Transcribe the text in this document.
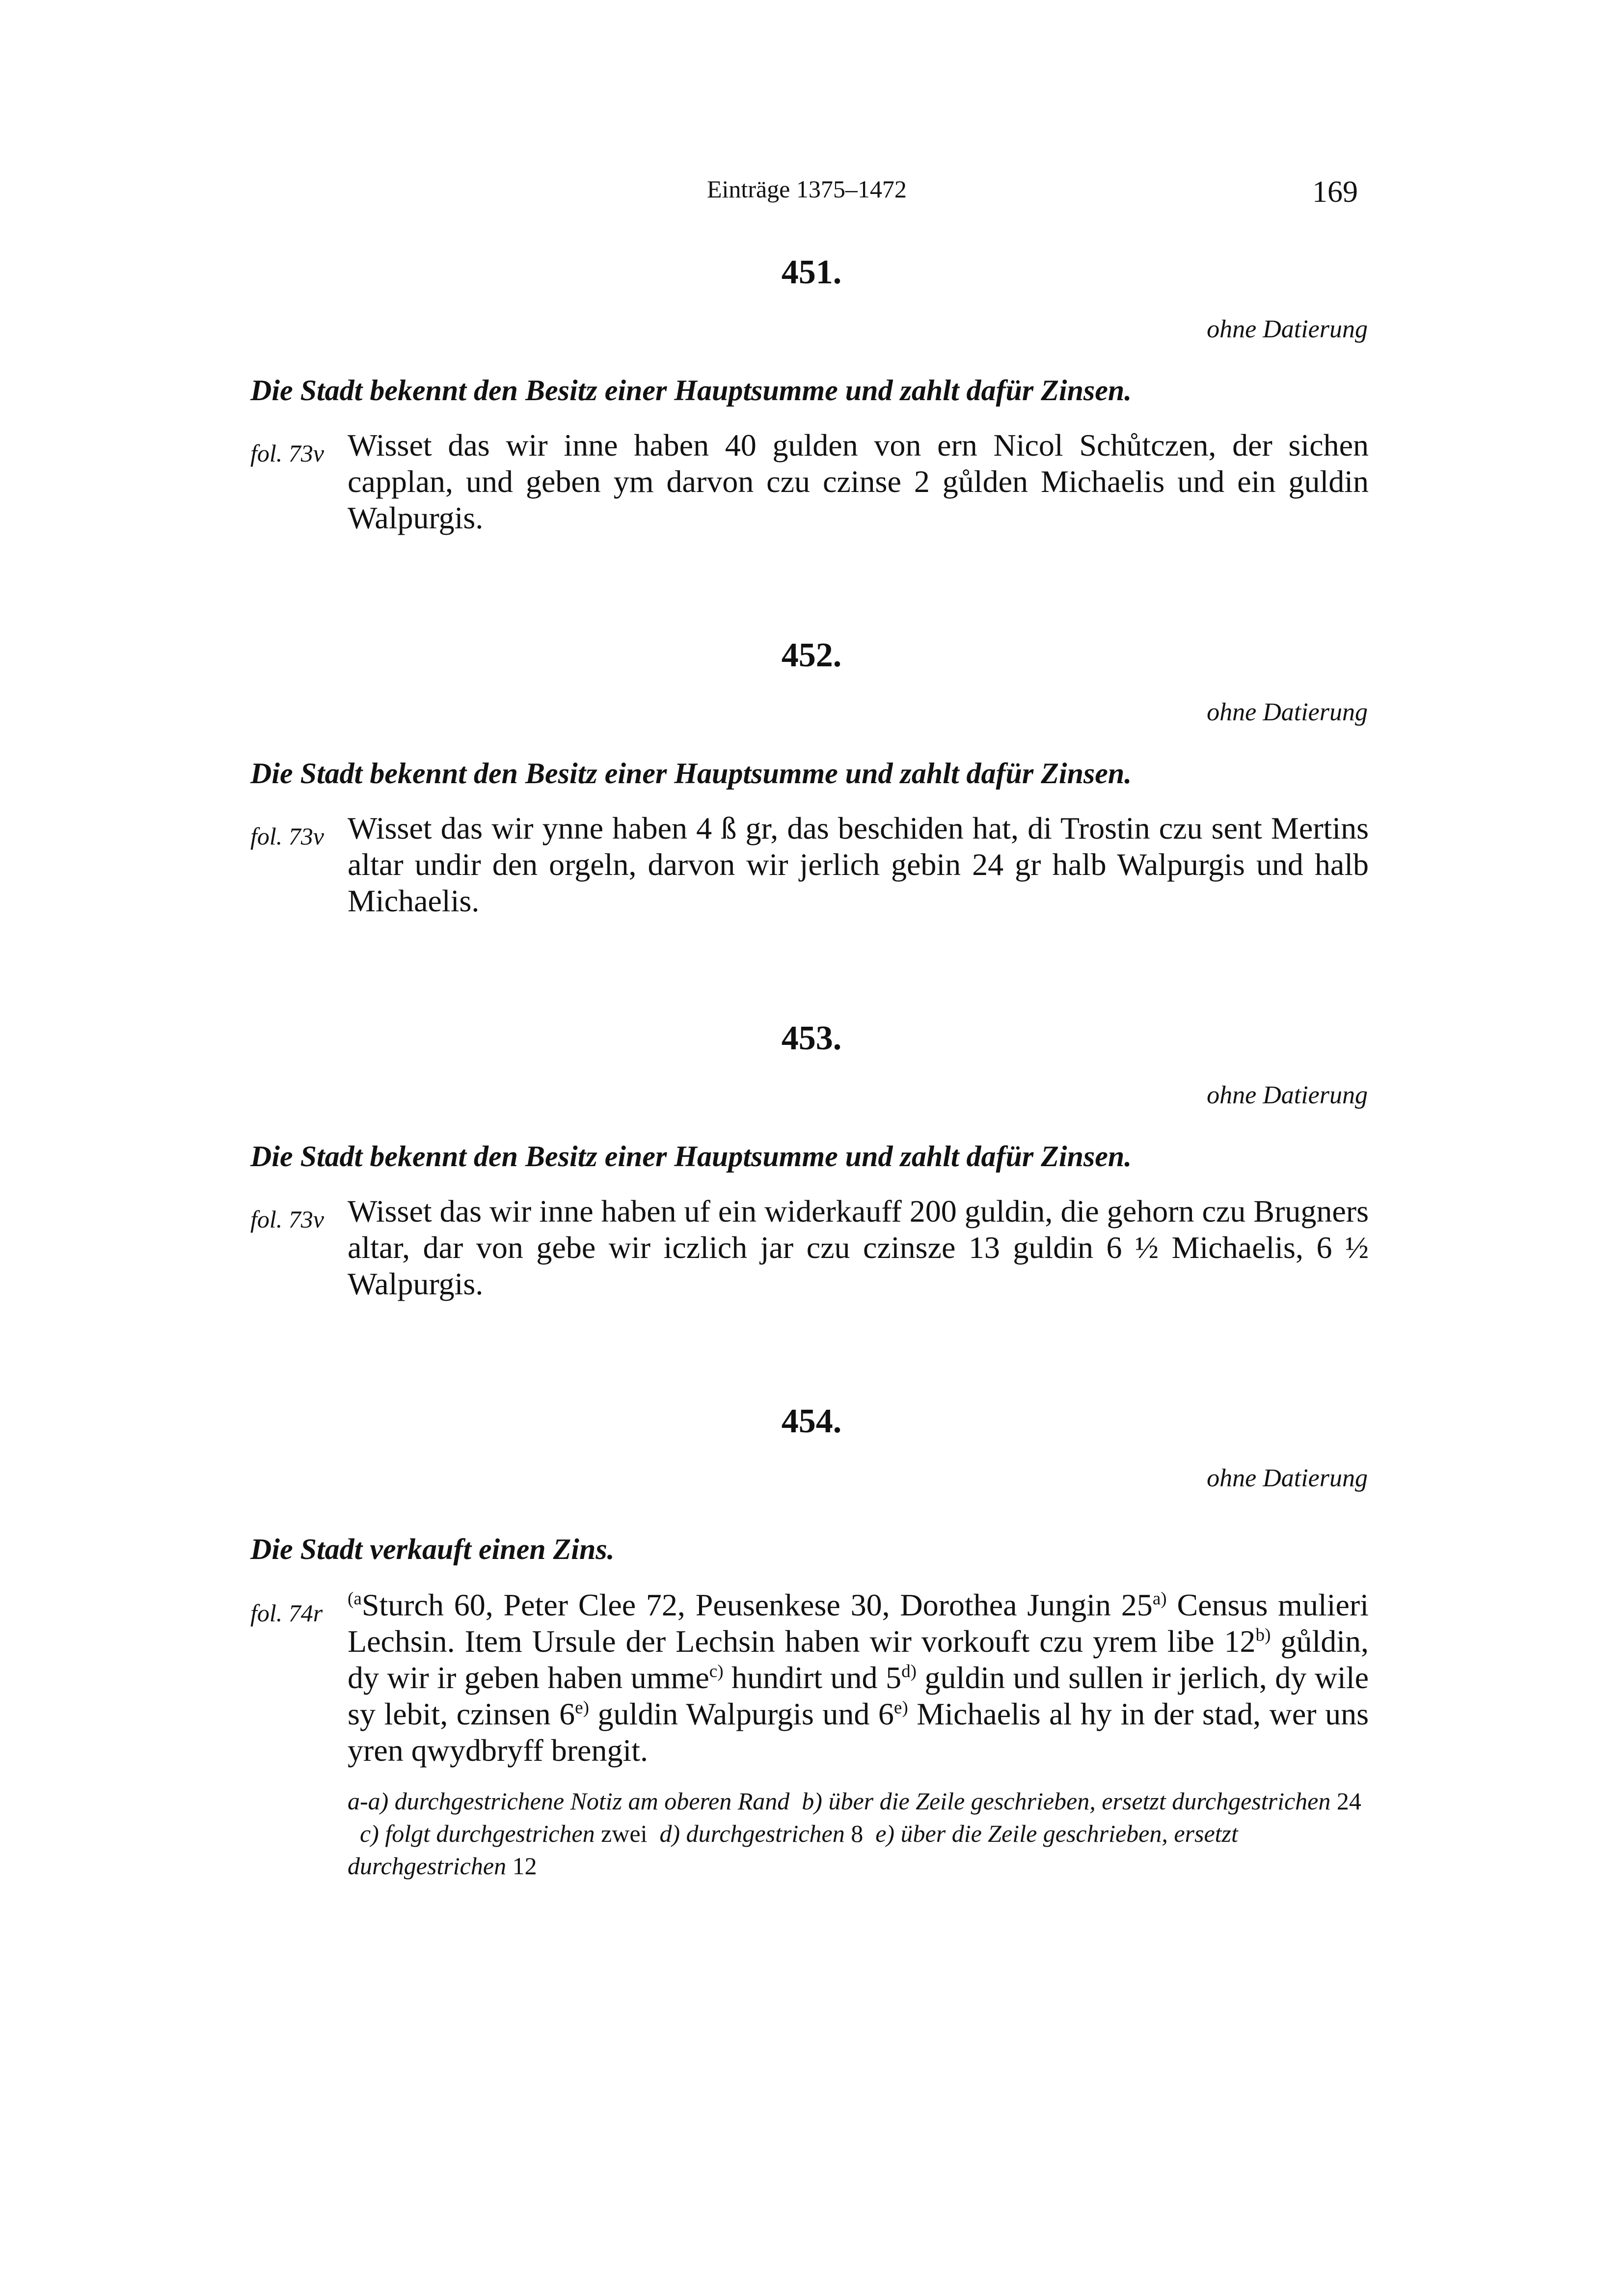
Einträge 1375–1472	169
451.
ohne Datierung
Die Stadt bekennt den Besitz einer Hauptsumme und zahlt dafür Zinsen.
fol. 73v Wisset das wir inne haben 40 gulden von ern Nicol Schůtczen, der sichen capplan, und geben ym darvon czu czinse 2 gůlden Michaelis und ein guldin Walpurgis.

452.
ohne Datierung
Die Stadt bekennt den Besitz einer Hauptsumme und zahlt dafür Zinsen.
fol. 73v Wisset das wir ynne haben 4 ß gr, das beschiden hat, di Trostin czu sent Mertins altar undir den orgeln, darvon wir jerlich gebin 24 gr halb Walpurgis und halb Michaelis.

453.
ohne Datierung
Die Stadt bekennt den Besitz einer Hauptsumme und zahlt dafür Zinsen.
fol. 73v Wisset das wir inne haben uf ein widerkauff 200 guldin, die gehorn czu Brugners altar, dar von gebe wir iczlich jar czu czinsze 13 guldin 6 ½ Michaelis, 6 ½ Walpurgis.

454.
ohne Datierung
Die Stadt verkauft einen Zins.
fol. 74r

$^{(a}$Sturch 60, Peter Clee 72, Peusenkese 30, Dorothea Jungin 25$^{a)}$ Census mulieri Lechsin. Item Ursule der Lechsin haben wir vorkouft czu yrem libe 12$^{b)}$ gůldin, dy wir ir geben haben umme$^{c)}$ hundirt und 5$^{d)}$ guldin und sullen ir jerlich, dy wile sy lebit, czinsen 6$^{e)}$ guldin Walpurgis und 6$^{e)}$ Michaelis al hy in der stad, wer uns yren qwydbryff brengit.

a-a) durchgestrichene Notiz am oberen Rand b) über die Zeile geschrieben, ersetzt durchgestrichen 24  c) folgt durchgestrichen zwei d) durchgestrichen 8 e) über die Zeile geschrieben, ersetzt durchgestrichen 12
